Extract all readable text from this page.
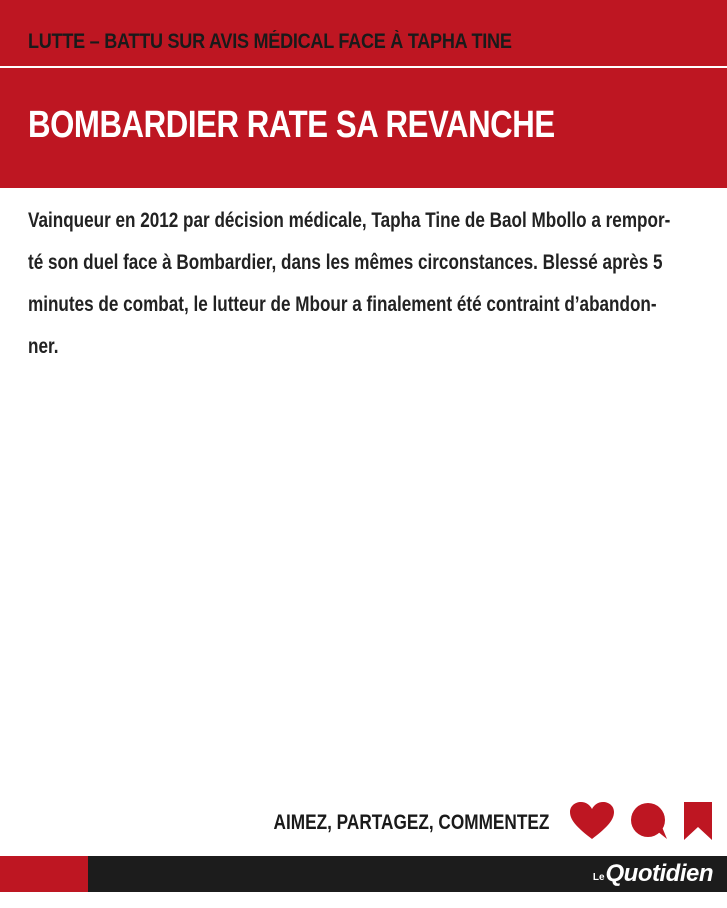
LUTTE – BATTU SUR AVIS MÉDICAL FACE À TAPHA TINE
BOMBARDIER RATE SA REVANCHE
Vainqueur en 2012 par décision médicale, Tapha Tine de Baol Mbollo a rempor-
té son duel face à Bombardier, dans les mêmes circonstances. Blessé après 5
minutes de combat, le lutteur de Mbour a finalement été contraint d’abandon-
ner.
AIMEZ, PARTAGEZ, COMMENTEZ
Le Quotidien
